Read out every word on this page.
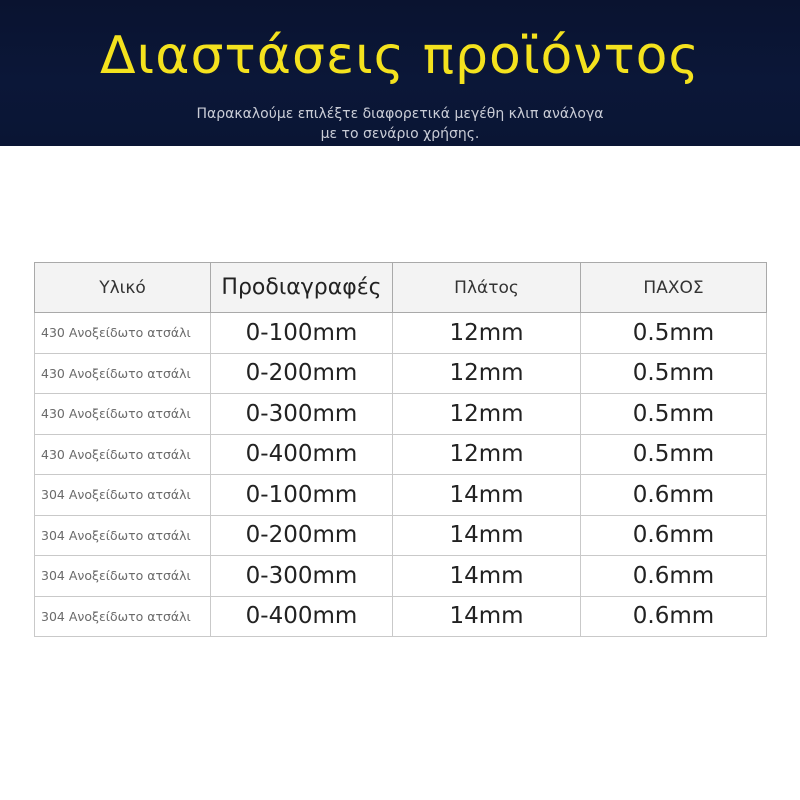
Διαστάσεις προϊόντος
Παρακαλούμε επιλέξτε διαφορετικά μεγέθη κλιπ ανάλογα
με το σενάριο χρήσης.
Υλικό	Προδιαγραφές	Πλάτος	ΠΑΧΟΣ
430 Ανοξείδωτο ατσάλι	0-100mm	12mm	0.5mm
430 Ανοξείδωτο ατσάλι	0-200mm	12mm	0.5mm
430 Ανοξείδωτο ατσάλι	0-300mm	12mm	0.5mm
430 Ανοξείδωτο ατσάλι	0-400mm	12mm	0.5mm
304 Ανοξείδωτο ατσάλι	0-100mm	14mm	0.6mm
304 Ανοξείδωτο ατσάλι	0-200mm	14mm	0.6mm
304 Ανοξείδωτο ατσάλι	0-300mm	14mm	0.6mm
304 Ανοξείδωτο ατσάλι	0-400mm	14mm	0.6mm
